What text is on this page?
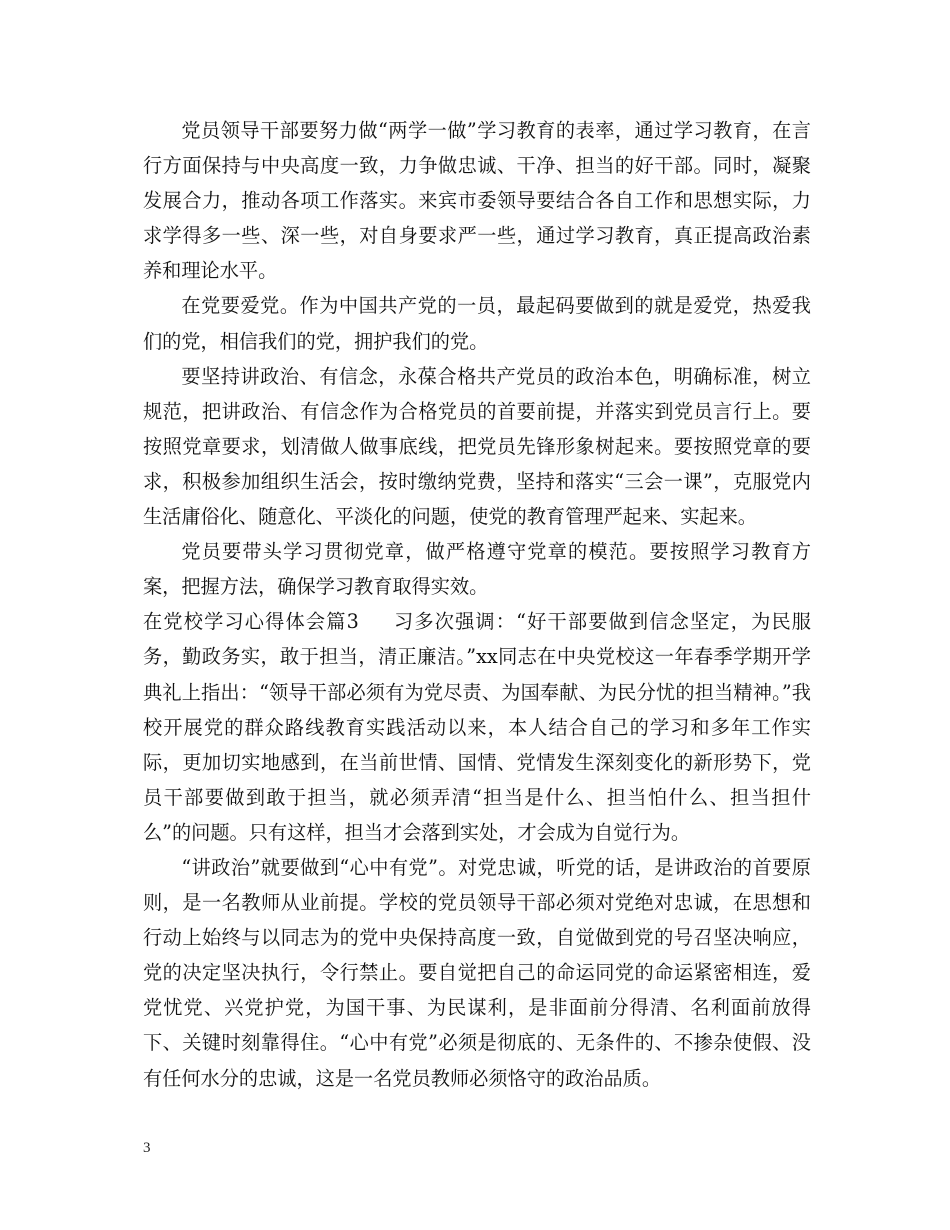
党员领导干部要努力做“两学一做”学习教育的表率，通过学习教育，在言行方面保持与中央高度一致，力争做忠诚、干净、担当的好干部。同时，凝聚发展合力，推动各项工作落实。来宾市委领导要结合各自工作和思想实际，力求学得多一些、深一些，对自身要求严一些，通过学习教育，真正提高政治素养和理论水平。

在党要爱党。作为中国共产党的一员，最起码要做到的就是爱党，热爱我们的党，相信我们的党，拥护我们的党。

要坚持讲政治、有信念，永葆合格共产党员的政治本色，明确标准，树立规范，把讲政治、有信念作为合格党员的首要前提，并落实到党员言行上。要按照党章要求，划清做人做事底线，把党员先锋形象树起来。要按照党章的要求，积极参加组织生活会，按时缴纳党费，坚持和落实“三会一课”，克服党内生活庸俗化、随意化、平淡化的问题，使党的教育管理严起来、实起来。

党员要带头学习贯彻党章，做严格遵守党章的模范。要按照学习教育方案，把握方法，确保学习教育取得实效。

在党校学习心得体会篇3 习多次强调：“好干部要做到信念坚定，为民服务，勤政务实，敢于担当，清正廉洁。”xx同志在中央党校这一年春季学期开学典礼上指出：“领导干部必须有为党尽责、为国奉献、为民分忧的担当精神。”我校开展党的群众路线教育实践活动以来，本人结合自己的学习和多年工作实际，更加切实地感到，在当前世情、国情、党情发生深刻变化的新形势下，党员干部要做到敢于担当，就必须弄清“担当是什么、担当怕什么、担当担什么”的问题。只有这样，担当才会落到实处，才会成为自觉行为。

“讲政治”就要做到“心中有党”。对党忠诚，听党的话，是讲政治的首要原则，是一名教师从业前提。学校的党员领导干部必须对党绝对忠诚，在思想和行动上始终与以同志为的党中央保持高度一致，自觉做到党的号召坚决响应，党的决定坚决执行，令行禁止。要自觉把自己的命运同党的命运紧密相连，爱党忧党、兴党护党，为国干事、为民谋利，是非面前分得清、名利面前放得下、关键时刻靠得住。“心中有党”必须是彻底的、无条件的、不掺杂使假、没有任何水分的忠诚，这是一名党员教师必须恪守的政治品质。

3
